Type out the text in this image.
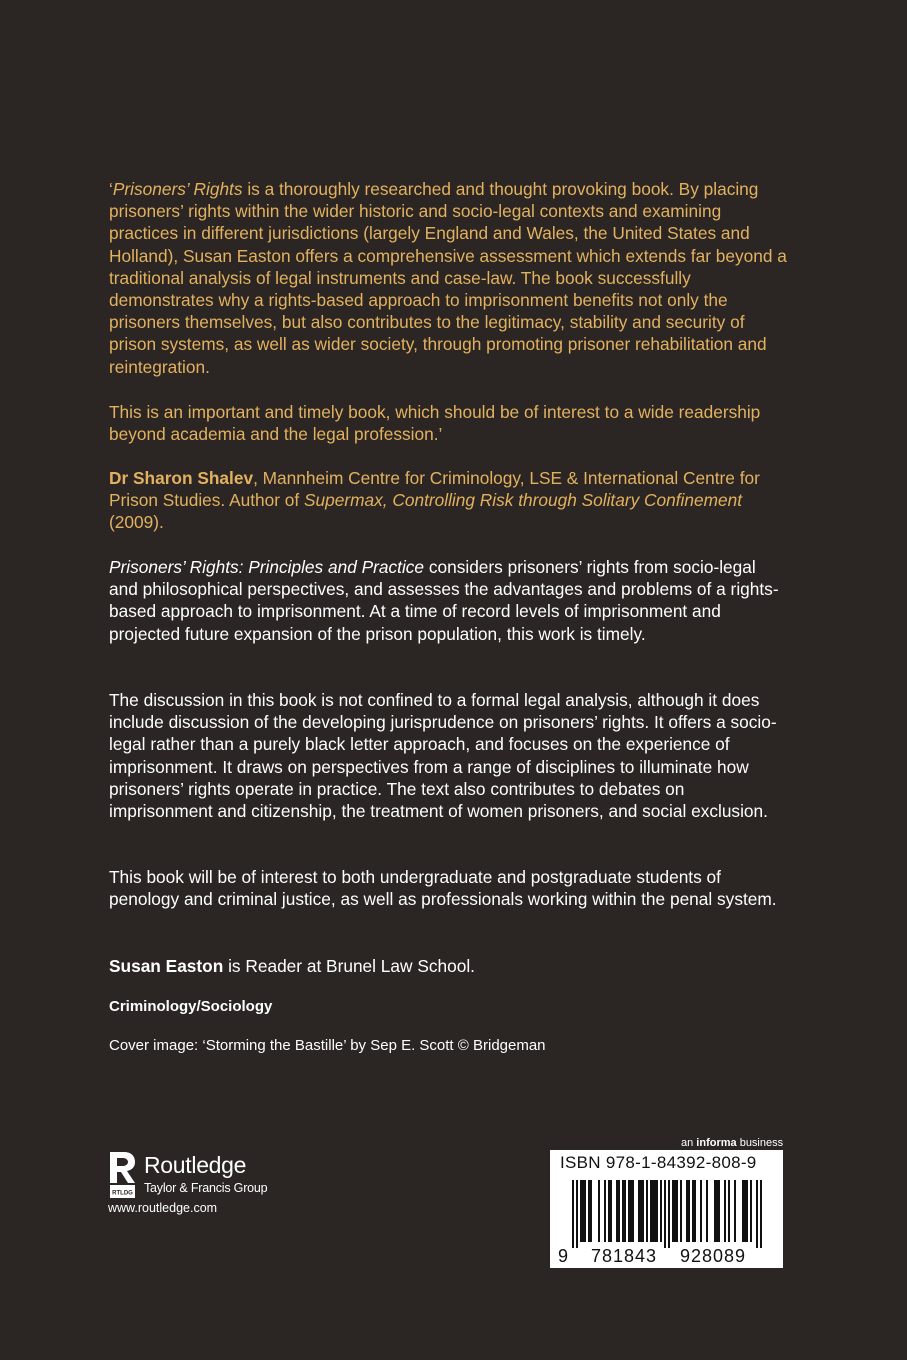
‘Prisoners’ Rights is a thoroughly researched and thought provoking book. By placing prisoners’ rights within the wider historic and socio-legal contexts and examining practices in different jurisdictions (largely England and Wales, the United States and Holland), Susan Easton offers a comprehensive assessment which extends far beyond a traditional analysis of legal instruments and case-law. The book successfully demonstrates why a rights-based approach to imprisonment benefits not only the prisoners themselves, but also contributes to the legitimacy, stability and security of prison systems, as well as wider society, through promoting prisoner rehabilitation and reintegration.

This is an important and timely book, which should be of interest to a wide readership beyond academia and the legal profession.’

Dr Sharon Shalev, Mannheim Centre for Criminology, LSE & International Centre for Prison Studies. Author of Supermax, Controlling Risk through Solitary Confinement (2009).

Prisoners’ Rights: Principles and Practice considers prisoners’ rights from socio-legal and philosophical perspectives, and assesses the advantages and problems of a rights-based approach to imprisonment. At a time of record levels of imprisonment and projected future expansion of the prison population, this work is timely.

The discussion in this book is not confined to a formal legal analysis, although it does include discussion of the developing jurisprudence on prisoners’ rights. It offers a socio-legal rather than a purely black letter approach, and focuses on the experience of imprisonment. It draws on perspectives from a range of disciplines to illuminate how prisoners’ rights operate in practice. The text also contributes to debates on imprisonment and citizenship, the treatment of women prisoners, and social exclusion.

This book will be of interest to both undergraduate and postgraduate students of penology and criminal justice, as well as professionals working within the penal system.

Susan Easton is Reader at Brunel Law School.

Criminology/Sociology

Cover image: ‘Storming the Bastille’ by Sep E. Scott © Bridgeman

RTLDG
Routledge
Taylor & Francis Group
www.routledge.com
an informa business
ISBN 978-1-84392-808-9
9 781843 928089
